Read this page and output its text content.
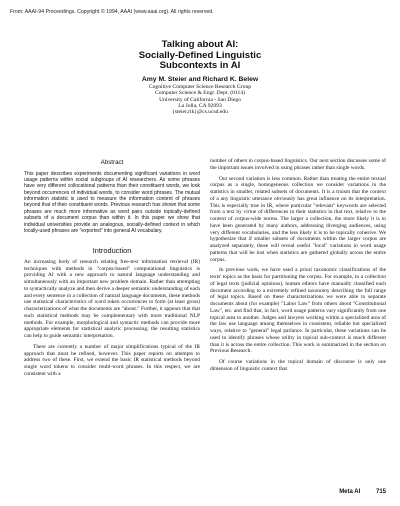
From: AAAI-94 Proceedings. Copyright © 1994, AAAI (www.aaai.org). All rights reserved.
Talking about AI:
Socially-Defined Linguistic
Subcontexts in AI
Amy M. Steier and Richard K. Belew
Cognitive Computer Science Research Group
Computer Science & Engr. Dept. (0114)
University of California - San Diego
La Jolla, CA 92093
{steier,rik}@cs.ucsd.edu
Abstract
This paper describes experiments documenting significant variations in word usage patterns within social subgroups of AI researchers. As some phrases have very different collocational patterns than their constituent words, we look beyond occurrences of individual words, to consider word phrases. The mutual information statistic is used to measure the information content of phrases beyond that of their constituent words. Previous research has shown that some phrases are much more informative as word pairs outside topically-defined subsets of a document corpus than within it. In this paper we show that individual universities provide an analogous, socially-defined context in which locally-used phrases are "exported" into general AI vocabulary.
Introduction

An increasing body of research relating free-text information retrieval (IR) techniques with methods in "corpus-based" computational linguistics is providing AI with a new approach to natural language understanding and simultaneously with an important new problem domain. Rather than attempting to syntactically analyze and then derive a deeper semantic understanding of each and every sentence in a collection of natural language documents, these methods use statistical characteristics of word token occurrences to form (at least gross) characterizations of what the documents are "about." Further, it appears that that such statistical methods may be complementary with more traditional NLP methods. For example, morphological and syntactic methods can provide more appropriate elements for statistical analytic processing; the resulting statistics can help to guide semantic interpretation.

There are currently a number of major simplifications typical of the IR approach that must be refined, however. This paper reports on attempts to address two of these. First, we extend the basic IR statistical methods beyond single word tokens to consider multi-word phrases. In this respect, we are consistent with a

number of others in corpus-based linguistics. Our next section discusses some of the important issues involved in using phrases rather than single words.

Our second variation is less common. Rather than treating the entire textual corpus as a single, homogeneous collection we consider variations in the statistics in smaller, related subsets of documents. It is a truism that the context of a any linguistic utterance obviously has great influence on its interpretation. This is especially true in IR, where particular "relevant" keywords are selected from a text by virtue of differences in their statistics in that text, relative to the context of corpus-wide norms. The larger a collection, the more likely it is to have been generated by many authors, addressing diverging audiences, using very different vocabularies, and the less likely it is to be topically cohesive. We hypothesize that if smaller subsets of documents within the larger corpus are analyzed separately, these will reveal useful "local" variations in word usage patterns that will be lost when statistics are gathered globally across the entire corpus.

In previous work, we have used a priori taxonomic classifications of the texts' topics as the basis for partitioning the corpus. For example, in a collection of legal texts (judicial opinions), human editors have manually classified each document according to a extremely refined taxonomy describing the full range of legal topics. Based on these characterizations we were able to separate documents about (for example) "Labor Law" from others about "Constitutional Law", etc. and find that, in fact, word usage patterns vary significantly from one topical area to another. Judges and lawyers working within a specialized area of the law use language among themselves in consistent, reliable but specialized ways, relative to "general" legal parlance. In particular, these variations can be used to identify phrases whose utility in topical sub-context is much different than it is across the entire collection. This work is summarized in the section on Previous Research.

Of course variations in the topical domain of discourse is only one dimension of linguistic context that

Meta AI	715
